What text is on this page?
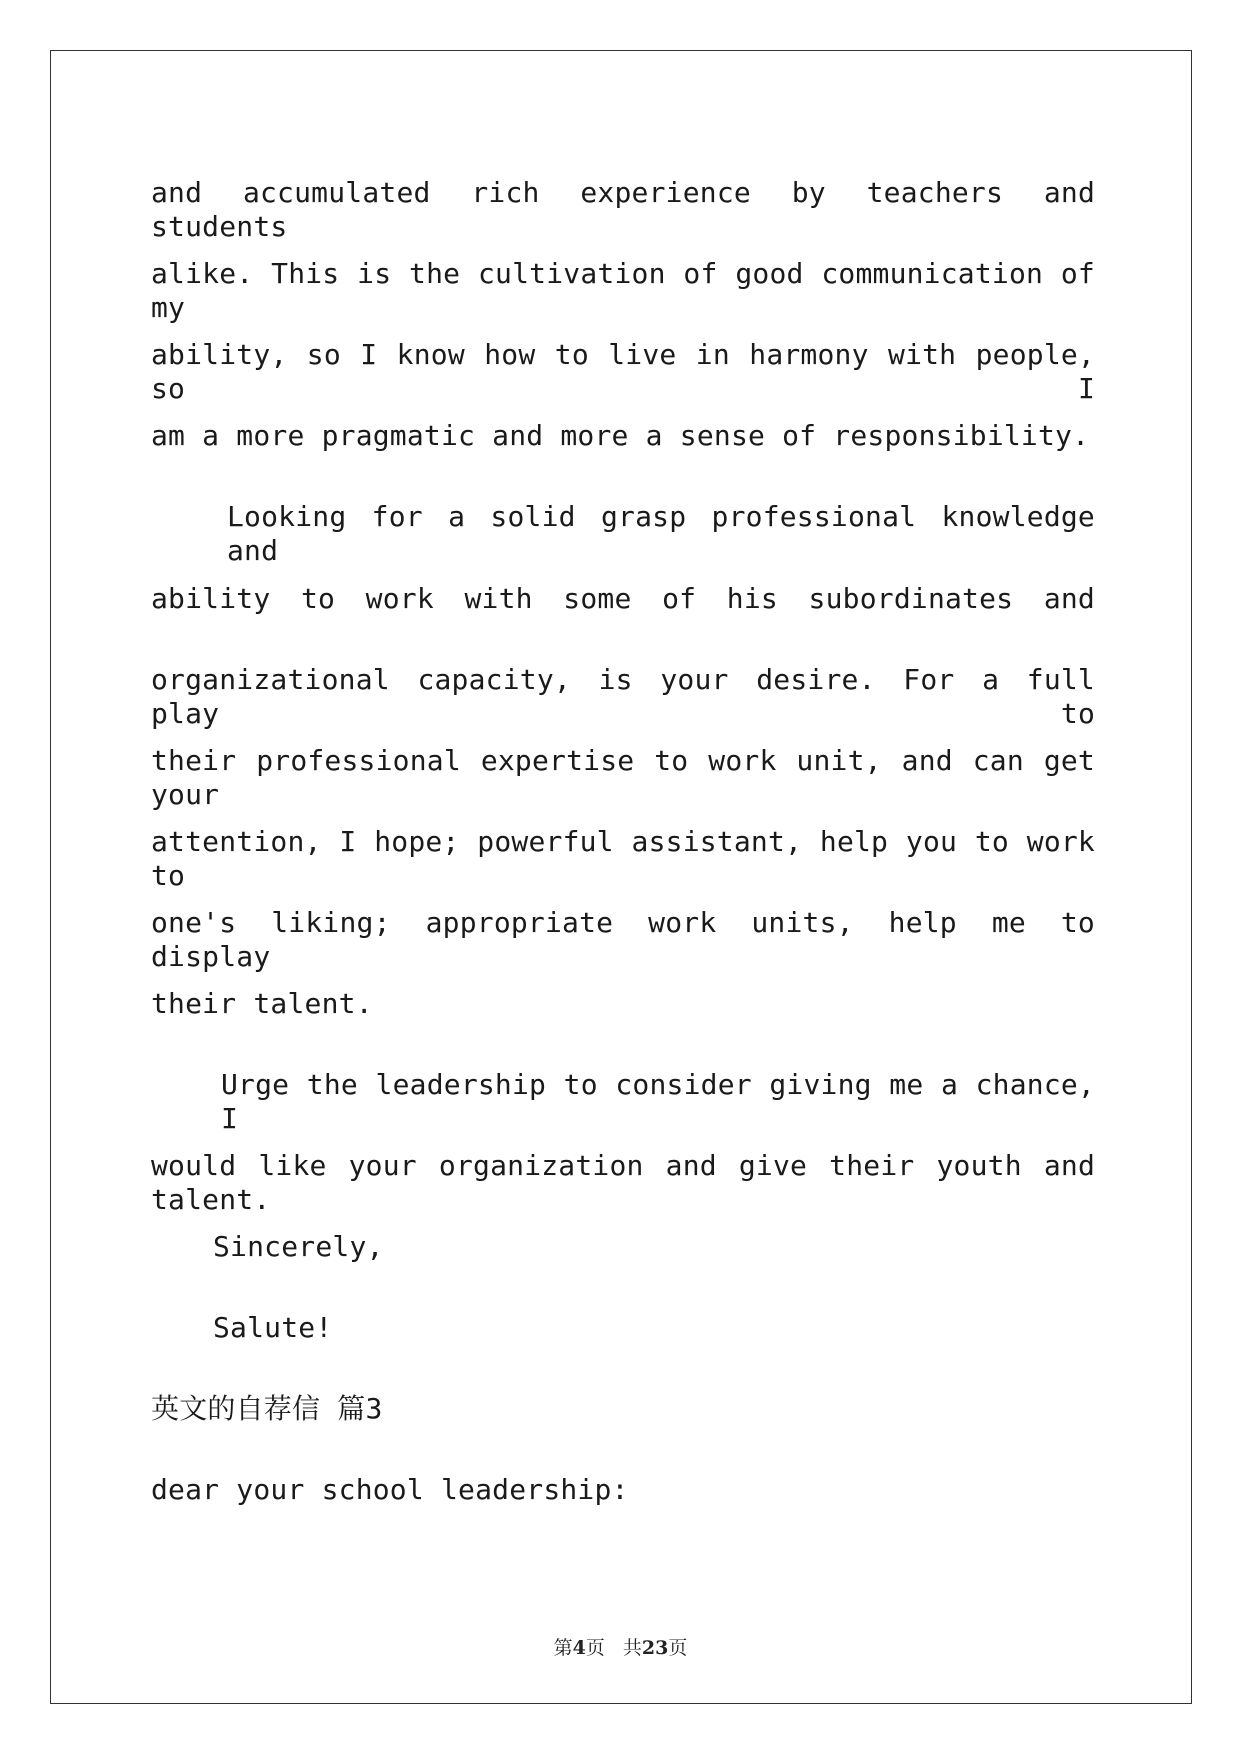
and accumulated rich experience by teachers and students
alike. This is the cultivation of good communication of my
ability, so I know how to live in harmony with people, so I
am a more pragmatic and more a sense of responsibility.
Looking for a solid grasp professional knowledge and
ability to work with some of his subordinates and
organizational capacity, is your desire. For a full play to
their professional expertise to work unit, and can get your
attention, I hope; powerful assistant, help you to work to
one's liking; appropriate work units, help me to display
their talent.
Urge the leadership to consider giving me a chance, I
would like your organization and give their youth and talent.
Sincerely,
Salute!
英文的自荐信 篇3
dear your school leadership:
第4页 共23页
